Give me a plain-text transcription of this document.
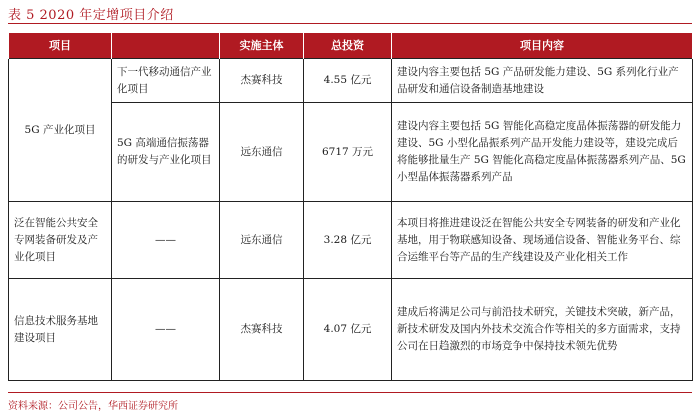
表 5 2020 年定增项目介绍
项目		实施主体	总投资	项目内容
5G 产业化项目	下一代移动通信产业化项目	杰赛科技	4.55 亿元	建设内容主要包括 5G 产品研发能力建设、5G 系列化行业产品研发和通信设备制造基地建设
	5G 高端通信振荡器的研发与产业化项目	远东通信	6717 万元	建设内容主要包括 5G 智能化高稳定度晶体振荡器的研发能力建设、5G 小型化晶振系列产品开发能力建设等，建设完成后将能够批量生产 5G 智能化高稳定度晶体振荡器系列产品、5G 小型晶体振荡器系列产品
泛在智能公共安全专网装备研发及产业化项目	——	远东通信	3.28 亿元	本项目将推进建设泛在智能公共安全专网装备的研发和产业化基地，用于物联感知设备、现场通信设备、智能业务平台、综合运维平台等产品的生产线建设及产业化相关工作
信息技术服务基地建设项目	——	杰赛科技	4.07 亿元	建成后将满足公司与前沿技术研究，关键技术突破，新产品，新技术研发及国内外技术交流合作等相关的多方面需求，支持公司在日趋激烈的市场竞争中保持技术领先优势
资料来源：公司公告，华西证券研究所
